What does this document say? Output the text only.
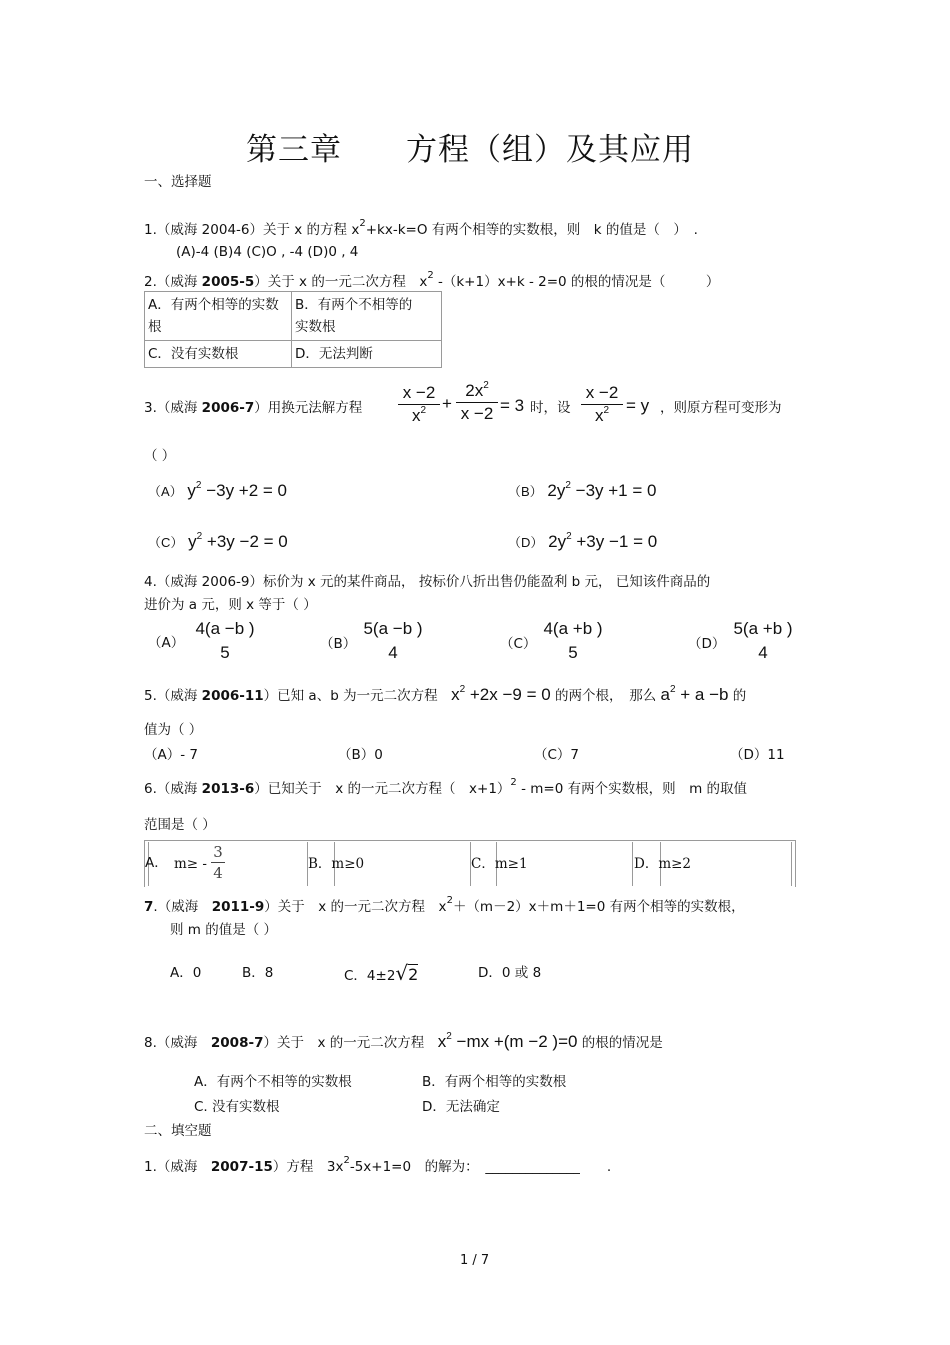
第三章　　方程（组）及其应用
一、选择题
1.（威海 2004-6）关于 x 的方程 $x^2+kx-k=O$ 有两个相等的实数根，则　k 的值是（　）　.
(A)-4 (B)4 (C)O , -4 (D)0 , 4
2.（威海 2005-5）关于 x 的一元二次方程　$x^2$ -（k+1）x+k - 2=0 的根的情况是（　　　）
A．有两个相等的实数根	B．有两个不相等的实数根
C．没有实数根	D．无法判断
3.（威海 2006-7）用换元法解方程
x −2
$x^2$ +
$2x^2$
x −2 = 3 时，设
x −2
$x^2 = y$ ，则原方程可变形为
（ ）
（A） $y^2 -3y +2 = 0$	（B） $2y^2 -3y +1 = 0$
（C） $y^2 +3y -2 = 0$	（D） $2y^2 +3y -1 = 0$
4.（威海 2006-9）标价为 x 元的某件商品， 按标价八折出售仍能盈利 b 元， 已知该件商品的
进价为 a 元，则 x 等于（ ）
（A）
4(a −b )
5	（B）
5(a −b )
4	（C）
4(a +b )
5	（D）
5(a +b )
4
5.（威海 2006-11）已知 a、b 为一元二次方程　$x^2 +2x -9 = 0$ 的两个根，　那么 $a^2 + a -b$ 的
值为（ ）
（A）- 7	（B）0	（C）7	（D）11
6.（威海 2013-6）已知关于　x 的一元二次方程（　x+1）$^2$ - m=0 有两个实数根，则　m 的取值
范围是（ ）
A． m≥ -
3
4	B．m≥0	C．m≥1	D．m≥2
7.（威海　2011-9）关于　x 的一元二次方程　$x^2+(m-2)x+m+1=0$ 有两个相等的实数根，
则 m 的值是（ ）
A．0	B．8	C．4±2√2	D．0 或 8
8.（威海　2008-7）关于　x 的一元二次方程　$x^2 -mx +(m -2$ )=0 的根的情况是
A．有两个不相等的实数根	B．有两个相等的实数根
C. 没有实数根	D．无法确定
二、填空题
1.（威海　2007-15）方程　$3x^2-5x+1=0$　的解为：　______________　　.
1 / 7
